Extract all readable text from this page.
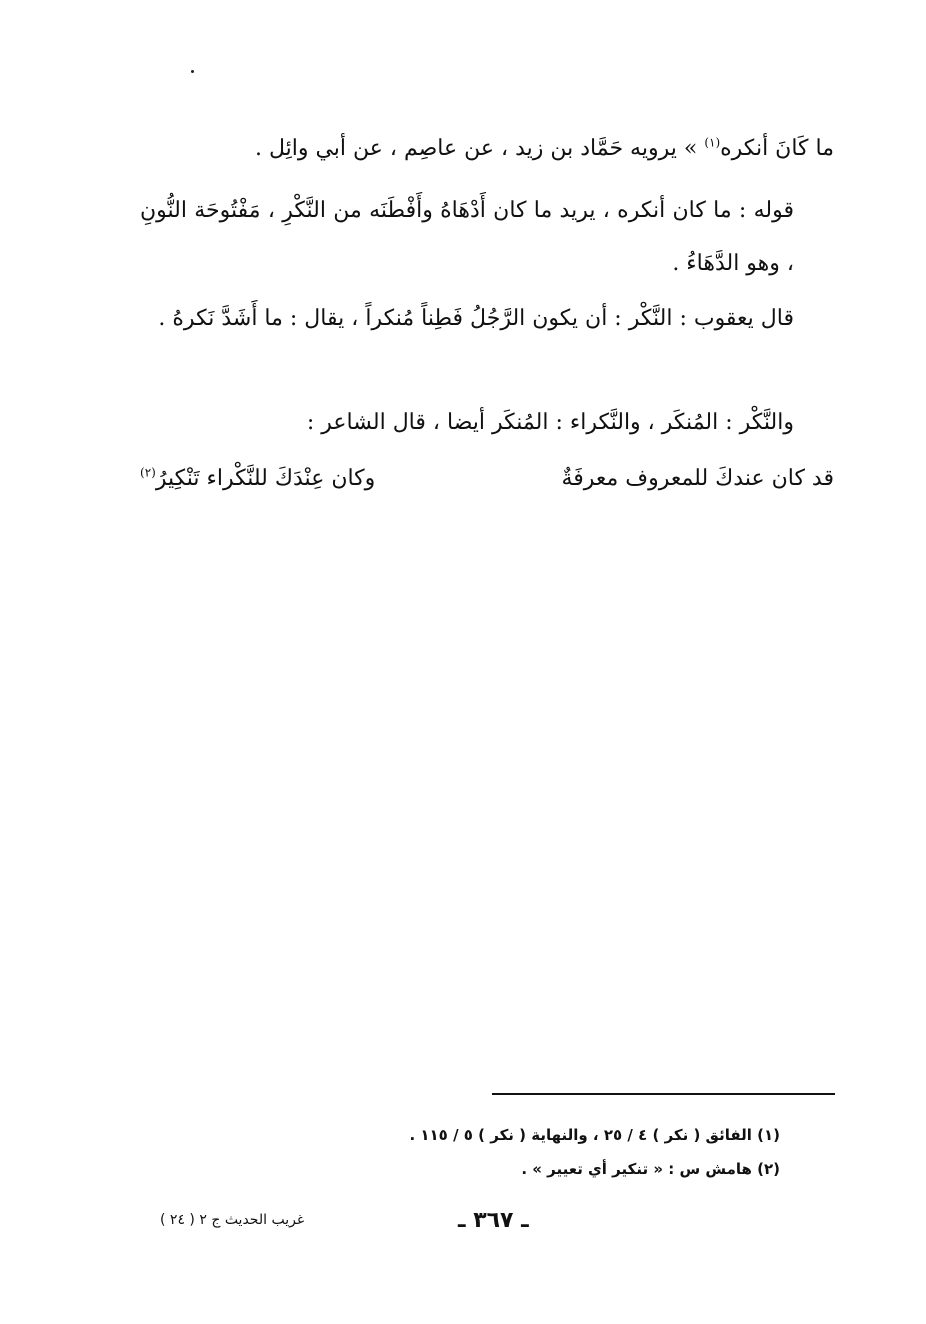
ما كَانَ أنكره$^{(١)}$ » يرويه حَمَّاد بن زيد ، عن عاصِم ، عن أبي وائِل .

قوله : ما كان أنكره ، يريد ما كان أَدْهَاهُ وأَفْطَنَه من النَّكْرِ ، مَفْتُوحَة النُّونِ ، وهو الدَّهَاءُ .

قال يعقوب : النَّكْر : أن يكون الرَّجُلُ فَطِناً مُنكراً ، يقال : ما أَشَدَّ نَكرهُ .

والنَّكْر : المُنكَر ، والنَّكراء : المُنكَر أيضا ، قال الشاعر :

قد كان عندكَ للمعروف معرفَةٌ
وكان عِنْدَكَ للنَّكْراء تَنْكِيرُ$^{(٢)}$
(١) الفائق ( نكر ) ٤ / ٢٥ ، والنهاية ( نكر ) ٥ / ١١٥ .
(٢) هامش س : « تنكير أي تعيير » .
غريب الحديث ج ٢ ( ٢٤ )	ـ ٣٦٧ ـ
